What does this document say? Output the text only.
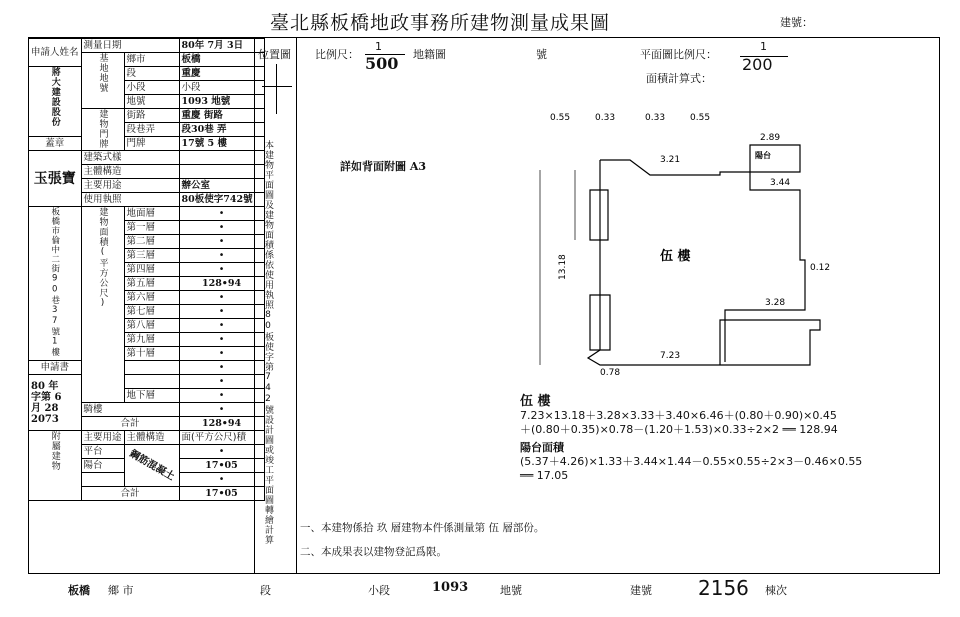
臺北縣板橋地政事務所建物測量成果圖	建號：
申請人姓名	測量日期		80年 7月 3日
	基地地號	鄉市	板橋
將大建設股份		段	重慶
		小段	小段
		地號	1093 地號
	建物門牌	街路	重慶 街路
		段巷弄	段30巷 弄
蓋章		門牌	17號 5 樓
玉張寶	建築式樣		
	主體構造		
	主要用途		辦公室
	使用執照		80板使字742號
板橋市倫中二街90巷37號1樓	建物面積(平方公尺)	地面層	•
		第一層	•
		第二層	•
		第三層	•
		第四層	•
		第五層	128•94
		第六層	•
		第七層	•
		第八層	•
		第九層	•
		第十層	•
申請書			•
80 年
字第 6
月 28
2073			•
		地下層	•
	騎樓		•
	合計		128•94
附屬建物	主要用途	主體構造	面(平方公尺)積
	平台	鋼筋混凝土	•
	陽台		17•05
			•
	合計		17•05
位置圖
本建物平面圖及建物面積係依使用執照80板使字第742號設計圖或竣工平面圖轉繪計算
比例尺：
1
500 地籍圖	號	平面圖比例尺：
1
200
面積計算式：
詳如背面附圖 A3
0.55	0.33	0.33	0.55
2.89
陽台
3.21
3.44
13.18	伍 樓
0.12
3.28
7.23
0.78
伍 樓
7.23×13.18＋3.28×3.33＋3.40×6.46＋(0.80＋0.90)×0.45
＋(0.80＋0.35)×0.78－(1.20＋1.53)×0.33÷2×2 ══ 128.94
陽台面積
(5.37＋4.26)×1.33＋3.44×1.44－0.55×0.55÷2×3－0.46×0.55
══ 17.05
一、本建物係拾 玖 層建物本件係測量第 伍 層部份。
二、本成果表以建物登記爲限。
板橋 鄉 市	段	小段	1093	地號	建號 2156 棟次
